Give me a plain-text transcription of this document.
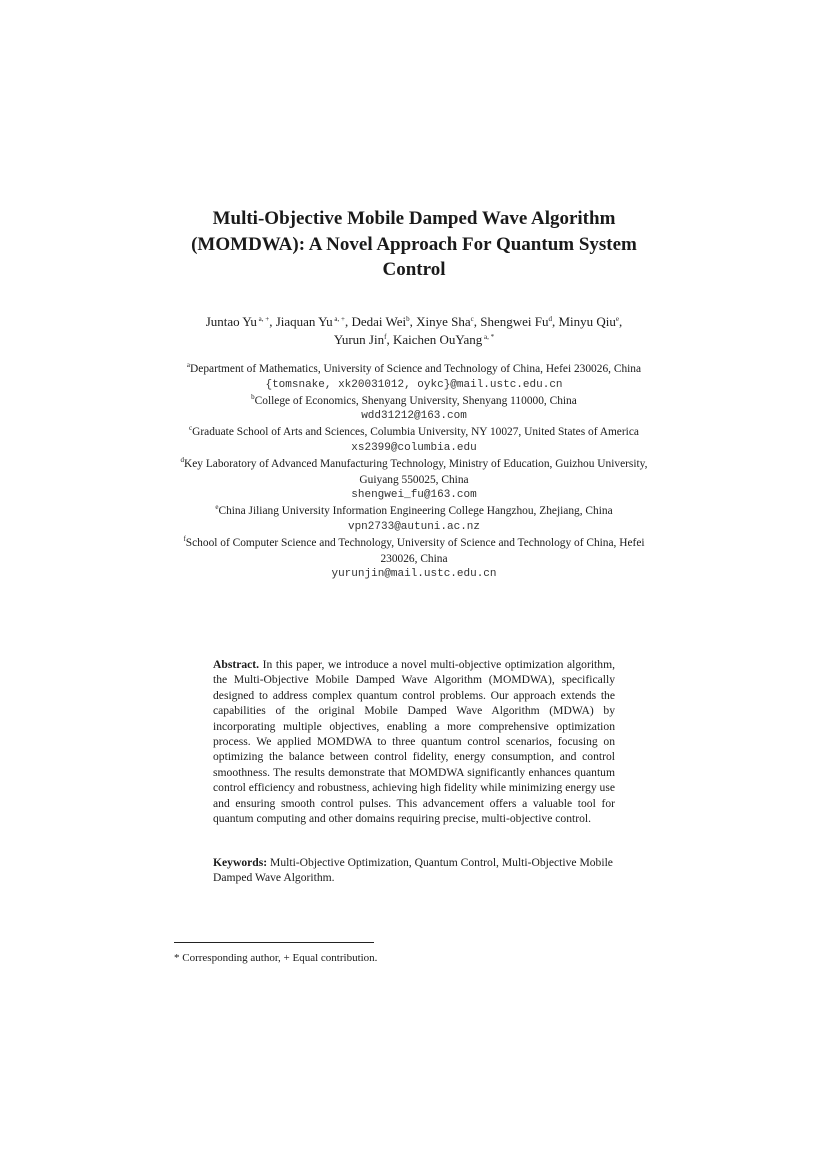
Multi-Objective Mobile Damped Wave Algorithm
(MOMDWA): A Novel Approach For Quantum System
Control
Juntao Yu $^{a, +}$, Jiaquan Yu $^{a, +}$, Dedai Wei$^b$, Xinye Sha$^c$, Shengwei Fu$^d$, Minyu Qiu$^e$,
Yurun Jin$^f$, Kaichen OuYang $^{a, *}$
$^a$Department of Mathematics, University of Science and Technology of China, Hefei 230026, China
{tomsnake, xk20031012, oykc}@mail.ustc.edu.cn
$^b$College of Economics, Shenyang University, Shenyang 110000, China
wdd31212@163.com
$^c$Graduate School of Arts and Sciences, Columbia University, NY 10027, United States of America
xs2399@columbia.edu
$^d$Key Laboratory of Advanced Manufacturing Technology, Ministry of Education, Guizhou University, Guiyang 550025, China
shengwei_fu@163.com
$^e$China Jiliang University Information Engineering College Hangzhou, Zhejiang, China
vpn2733@autuni.ac.nz
$^f$School of Computer Science and Technology, University of Science and Technology of China, Hefei 230026, China
yurunjin@mail.ustc.edu.cn
Abstract. In this paper, we introduce a novel multi-objective optimization algorithm, the Multi-Objective Mobile Damped Wave Algorithm (MOMDWA), specifically designed to address complex quantum control problems. Our approach extends the capabilities of the original Mobile Damped Wave Algorithm (MDWA) by incorporating multiple objectives, enabling a more comprehensive optimization process. We applied MOMDWA to three quantum control scenarios, focusing on optimizing the balance between control fidelity, energy consumption, and control smoothness. The results demonstrate that MOMDWA significantly enhances quantum control efficiency and robustness, achieving high fidelity while minimizing energy use and ensuring smooth control pulses. This advancement offers a valuable tool for quantum computing and other domains requiring precise, multi-objective control.
Keywords: Multi-Objective Optimization, Quantum Control, Multi-Objective Mobile Damped Wave Algorithm.
* Corresponding author, + Equal contribution.
